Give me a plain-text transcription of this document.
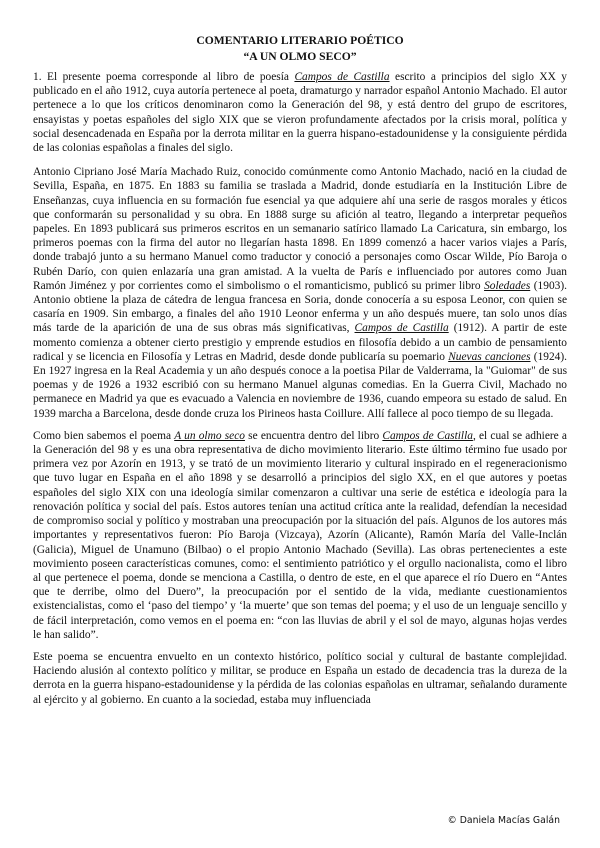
COMENTARIO LITERARIO POÉTICO
“A UN OLMO SECO”

1. El presente poema corresponde al libro de poesía Campos de Castilla escrito a principios del siglo XX y publicado en el año 1912, cuya autoría pertenece al poeta, dramaturgo y narrador español Antonio Machado. El autor pertenece a lo que los críticos denominaron como la Generación del 98, y está dentro del grupo de escritores, ensayistas y poetas españoles del siglo XIX que se vieron profundamente afectados por la crisis moral, política y social desencadenada en España por la derrota militar en la guerra hispano-estadounidense y la consiguiente pérdida de las colonias españolas a finales del siglo.

Antonio Cipriano José María Machado Ruiz, conocido comúnmente como Antonio Machado, nació en la ciudad de Sevilla, España, en 1875. En 1883 su familia se traslada a Madrid, donde estudiaría en la Institución Libre de Enseñanzas, cuya influencia en su formación fue esencial ya que adquiere ahí una serie de rasgos morales y éticos que conformarán su personalidad y su obra. En 1888 surge su afición al teatro, llegando a interpretar pequeños papeles. En 1893 publicará sus primeros escritos en un semanario satírico llamado La Caricatura, sin embargo, los primeros poemas con la firma del autor no llegarían hasta 1898. En 1899 comenzó a hacer varios viajes a París, donde trabajó junto a su hermano Manuel como traductor y conoció a personajes como Oscar Wilde, Pío Baroja o Rubén Darío, con quien enlazaría una gran amistad. A la vuelta de París e influenciado por autores como Juan Ramón Jiménez y por corrientes como el simbolismo o el romanticismo, publicó su primer libro Soledades (1903). Antonio obtiene la plaza de cátedra de lengua francesa en Soria, donde conocería a su esposa Leonor, con quien se casaría en 1909. Sin embargo, a finales del año 1910 Leonor enferma y un año después muere, tan solo unos días más tarde de la aparición de una de sus obras más significativas, Campos de Castilla (1912). A partir de este momento comienza a obtener cierto prestigio y emprende estudios en filosofía debido a un cambio de pensamiento radical y se licencia en Filosofía y Letras en Madrid, desde donde publicaría su poemario Nuevas canciones (1924). En 1927 ingresa en la Real Academia y un año después conoce a la poetisa Pilar de Valderrama, la "Guiomar" de sus poemas y de 1926 a 1932 escribió con su hermano Manuel algunas comedias. En la Guerra Civil, Machado no permanece en Madrid ya que es evacuado a Valencia en noviembre de 1936, cuando empeora su estado de salud. En 1939 marcha a Barcelona, desde donde cruza los Pirineos hasta Coillure. Allí fallece al poco tiempo de su llegada.

Como bien sabemos el poema A un olmo seco se encuentra dentro del libro Campos de Castilla, el cual se adhiere a la Generación del 98 y es una obra representativa de dicho movimiento literario. Este último término fue usado por primera vez por Azorín en 1913, y se trató de un movimiento literario y cultural inspirado en el regeneracionismo que tuvo lugar en España en el año 1898 y se desarrolló a principios del siglo XX, en el que autores y poetas españoles del siglo XIX con una ideología similar comenzaron a cultivar una serie de estética e ideología para la renovación política y social del país. Estos autores tenían una actitud crítica ante la realidad, defendían la necesidad de compromiso social y político y mostraban una preocupación por la situación del país. Algunos de los autores más importantes y representativos fueron: Pío Baroja (Vizcaya), Azorín (Alicante), Ramón María del Valle-Inclán (Galicia), Miguel de Unamuno (Bilbao) o el propio Antonio Machado (Sevilla). Las obras pertenecientes a este movimiento poseen características comunes, como: el sentimiento patriótico y el orgullo nacionalista, como el libro al que pertenece el poema, donde se menciona a Castilla, o dentro de este, en el que aparece el río Duero en “Antes que te derribe, olmo del Duero”, la preocupación por el sentido de la vida, mediante cuestionamientos existencialistas, como el ‘paso del tiempo’ y ‘la muerte’ que son temas del poema; y el uso de un lenguaje sencillo y de fácil interpretación, como vemos en el poema en: “con las lluvias de abril y el sol de mayo, algunas hojas verdes le han salido”.

Este poema se encuentra envuelto en un contexto histórico, político social y cultural de bastante complejidad. Haciendo alusión al contexto político y militar, se produce en España un estado de decadencia tras la dureza de la derrota en la guerra hispano-estadounidense y la pérdida de las colonias españolas en ultramar, señalando duramente al ejército y al gobierno. En cuanto a la sociedad, estaba muy influenciada

© Daniela Macías Galán
